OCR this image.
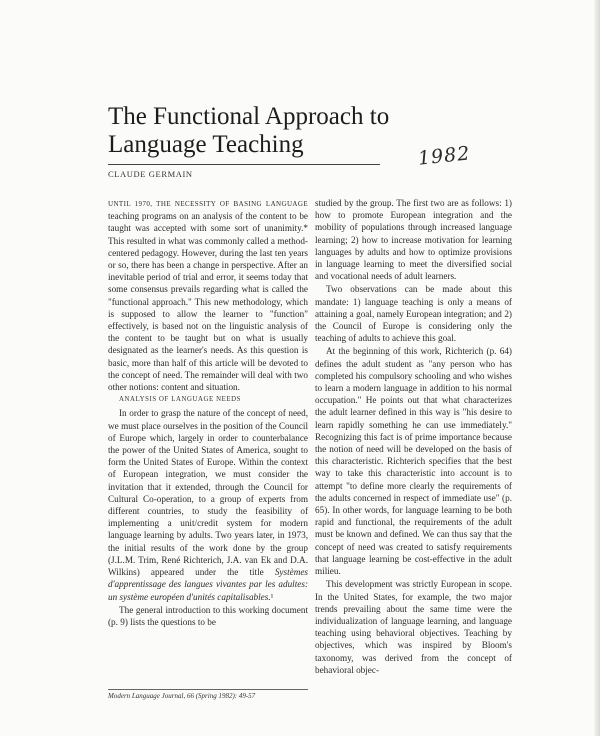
The Functional Approach to
Language Teaching
CLAUDE GERMAIN
1982

UNTIL 1970, THE NECESSITY OF BASING LANGUAGE teaching programs on an analysis of the content to be taught was accepted with some sort of unanimity.* This resulted in what was commonly called a method-centered pedagogy. However, during the last ten years or so, there has been a change in perspective. After an inevitable period of trial and error, it seems today that some consensus prevails regarding what is called the "functional approach." This new methodology, which is supposed to allow the learner to "function" effectively, is based not on the linguistic analysis of the content to be taught but on what is usually designated as the learner's needs. As this question is basic, more than half of this article will be devoted to the concept of need. The remainder will deal with two other notions: content and situation.

ANALYSIS OF LANGUAGE NEEDS

In order to grasp the nature of the concept of need, we must place ourselves in the position of the Council of Europe which, largely in order to counterbalance the power of the United States of America, sought to form the United States of Europe. Within the context of European integration, we must consider the invitation that it extended, through the Council for Cultural Co-operation, to a group of experts from different countries, to study the feasibility of implementing a unit/credit system for modern language learning by adults. Two years later, in 1973, the initial results of the work done by the group (J.L.M. Trim, René Richterich, J.A. van Ek and D.A. Wilkins) appeared under the title Systèmes d'apprentissage des langues vivantes par les adultes: un système européen d'unités capitalisables.¹

The general introduction to this working document (p. 9) lists the questions to be

studied by the group. The first two are as follows: 1) how to promote European integration and the mobility of populations through increased language learning; 2) how to increase motivation for learning languages by adults and how to optimize provisions in language learning to meet the diversified social and vocational needs of adult learners.

Two observations can be made about this mandate: 1) language teaching is only a means of attaining a goal, namely European integration; and 2) the Council of Europe is considering only the teaching of adults to achieve this goal.

At the beginning of this work, Richterich (p. 64) defines the adult student as "any person who has completed his compulsory schooling and who wishes to learn a modern language in addition to his normal occupation." He points out that what characterizes the adult learner defined in this way is "his desire to learn rapidly something he can use immediately." Recognizing this fact is of prime importance because the notion of need will be developed on the basis of this characteristic. Richterich specifies that the best way to take this characteristic into account is to attempt "to define more clearly the requirements of the adults concerned in respect of immediate use" (p. 65). In other words, for language learning to be both rapid and functional, the requirements of the adult must be known and defined. We can thus say that the concept of need was created to satisfy requirements that language learning be cost-effective in the adult milieu.

This development was strictly European in scope. In the United States, for example, the two major trends prevailing about the same time were the individualization of language learning, and language teaching using behavioral objectives. Teaching by objectives, which was inspired by Bloom's taxonomy, was derived from the concept of behavioral objec-

Modern Language Journal, 66 (Spring 1982): 49-57
